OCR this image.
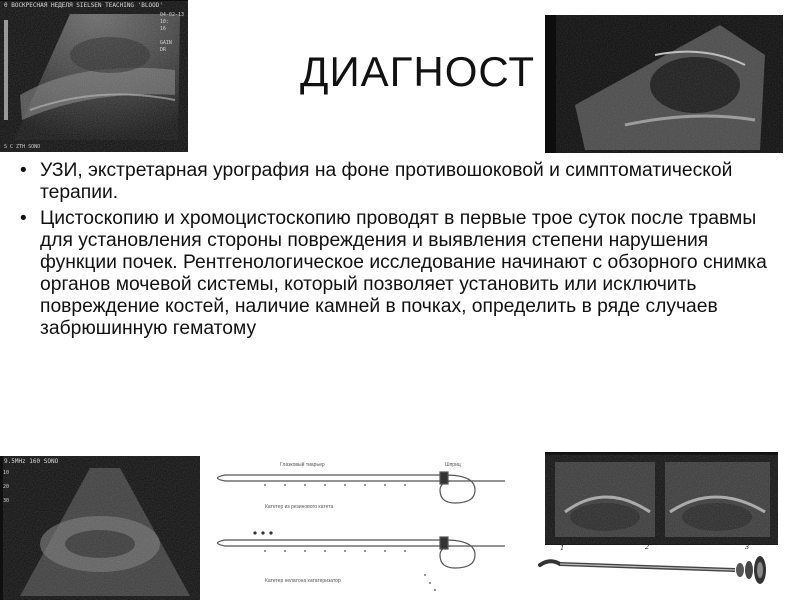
ДИАГНОСТ
0 ВОСКРЕСНАЯ НЕДЕЛЯ SIELSEN TEACHING 'BLOOD'
04-02-13
10:
16

GAIN
DR
S C ZTH SONO
• УЗИ, экстретарная урография на фоне противошоковой и симптоматической терапии.
• Цистоскопию и хромоцистоскопию проводят в первые трое суток после травмы для установления стороны повреждения и выявления степени нарушения функции почек. Рентгенологическое исследование начинают с обзорного снимка органов мочевой системы, который позволяет установить или исключить повреждение костей, наличие камней в почках, определить в ряде случаев забрюшинную гематому
9.5MHz 160 SONO
10

20

30
Глазковый тиарьер	Шприц
Катетер из резинового катета
Катетер нелатона кататеризатор
1	2	3
